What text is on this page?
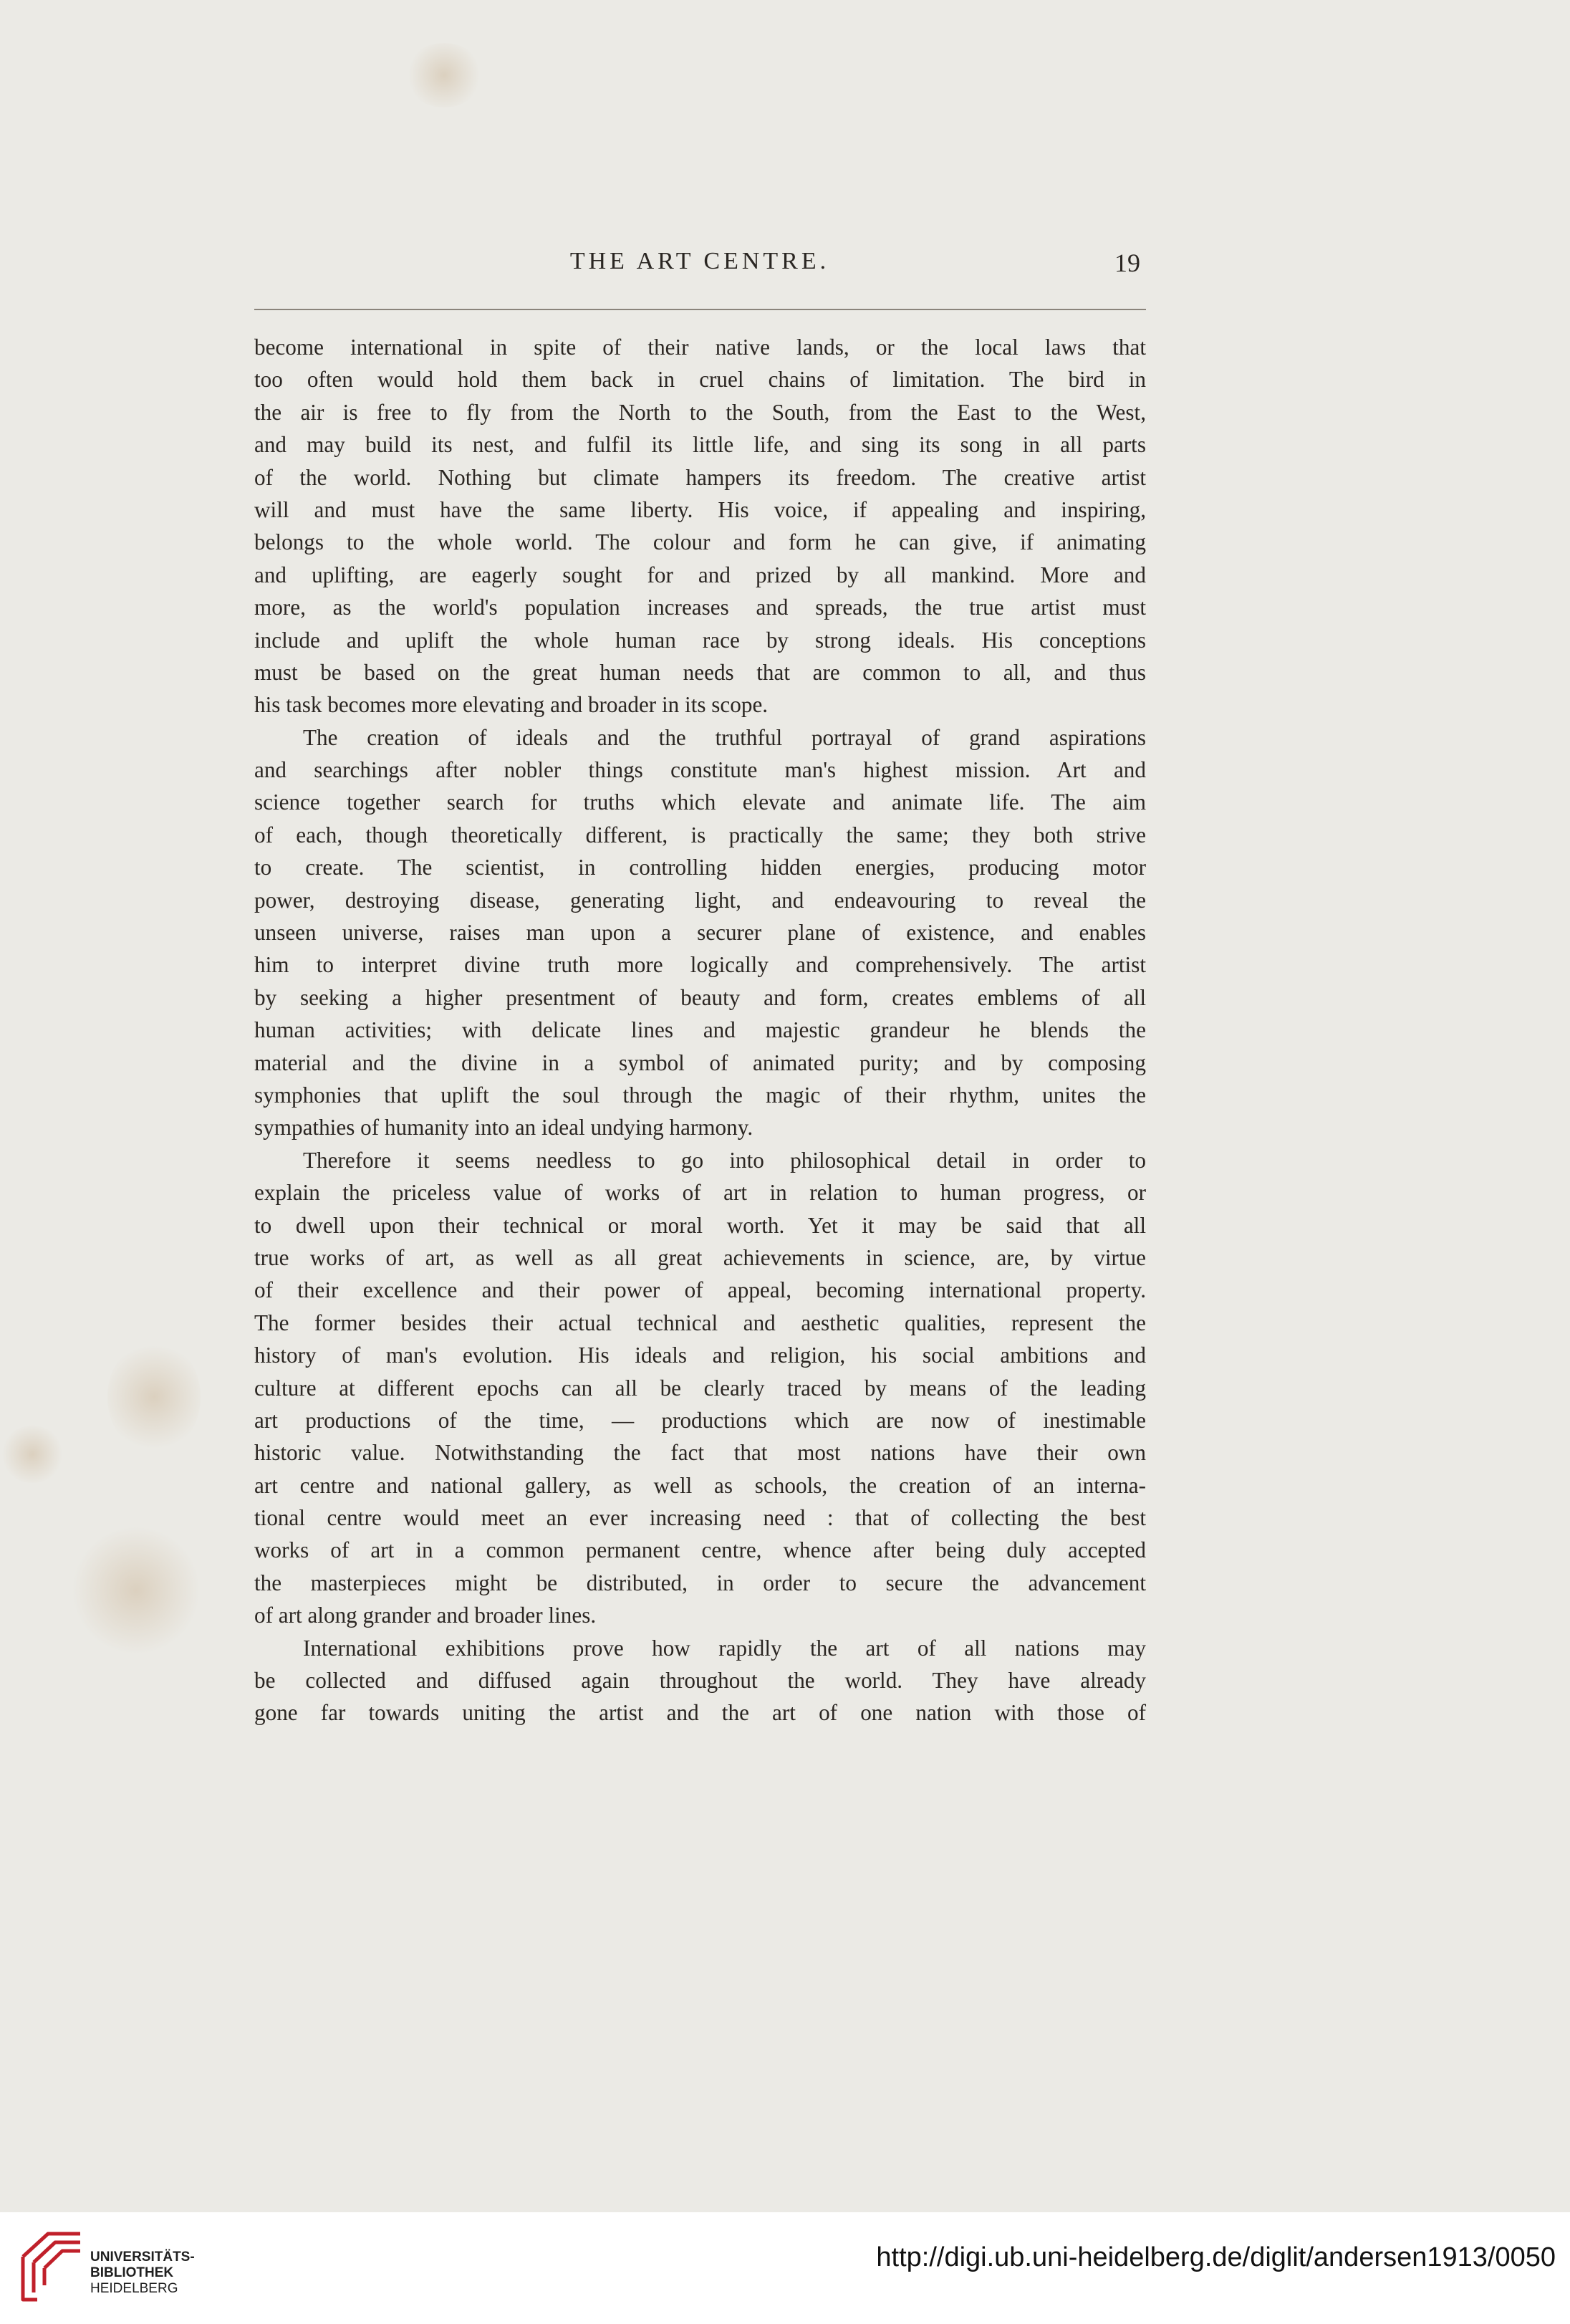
THE ART CENTRE.	19
become international in spite of their native lands, or the local laws that
too often would hold them back in cruel chains of limitation. The bird in
the air is free to fly from the North to the South, from the East to the West,
and may build its nest, and fulfil its little life, and sing its song in all parts
of the world. Nothing but climate hampers its freedom. The creative artist
will and must have the same liberty. His voice, if appealing and inspiring,
belongs to the whole world. The colour and form he can give, if animating
and uplifting, are eagerly sought for and prized by all mankind. More and
more, as the world's population increases and spreads, the true artist must
include and uplift the whole human race by strong ideals. His conceptions
must be based on the great human needs that are common to all, and thus
his task becomes more elevating and broader in its scope.
The creation of ideals and the truthful portrayal of grand aspirations
and searchings after nobler things constitute man's highest mission. Art and
science together search for truths which elevate and animate life. The aim
of each, though theoretically different, is practically the same; they both strive
to create. The scientist, in controlling hidden energies, producing motor
power, destroying disease, generating light, and endeavouring to reveal the
unseen universe, raises man upon a securer plane of existence, and enables
him to interpret divine truth more logically and comprehensively. The artist
by seeking a higher presentment of beauty and form, creates emblems of all
human activities; with delicate lines and majestic grandeur he blends the
material and the divine in a symbol of animated purity; and by composing
symphonies that uplift the soul through the magic of their rhythm, unites the
sympathies of humanity into an ideal undying harmony.
Therefore it seems needless to go into philosophical detail in order to
explain the priceless value of works of art in relation to human progress, or
to dwell upon their technical or moral worth. Yet it may be said that all
true works of art, as well as all great achievements in science, are, by virtue
of their excellence and their power of appeal, becoming international property.
The former besides their actual technical and aesthetic qualities, represent the
history of man's evolution. His ideals and religion, his social ambitions and
culture at different epochs can all be clearly traced by means of the leading
art productions of the time, — productions which are now of inestimable
historic value. Notwithstanding the fact that most nations have their own
art centre and national gallery, as well as schools, the creation of an interna-
tional centre would meet an ever increasing need : that of collecting the best
works of art in a common permanent centre, whence after being duly accepted
the masterpieces might be distributed, in order to secure the advancement
of art along grander and broader lines.
International exhibitions prove how rapidly the art of all nations may
be collected and diffused again throughout the world. They have already
gone far towards uniting the artist and the art of one nation with those of
UNIVERSITÄTS-
BIBLIOTHEK
HEIDELBERG
http://digi.ub.uni-heidelberg.de/diglit/andersen1913/0050
